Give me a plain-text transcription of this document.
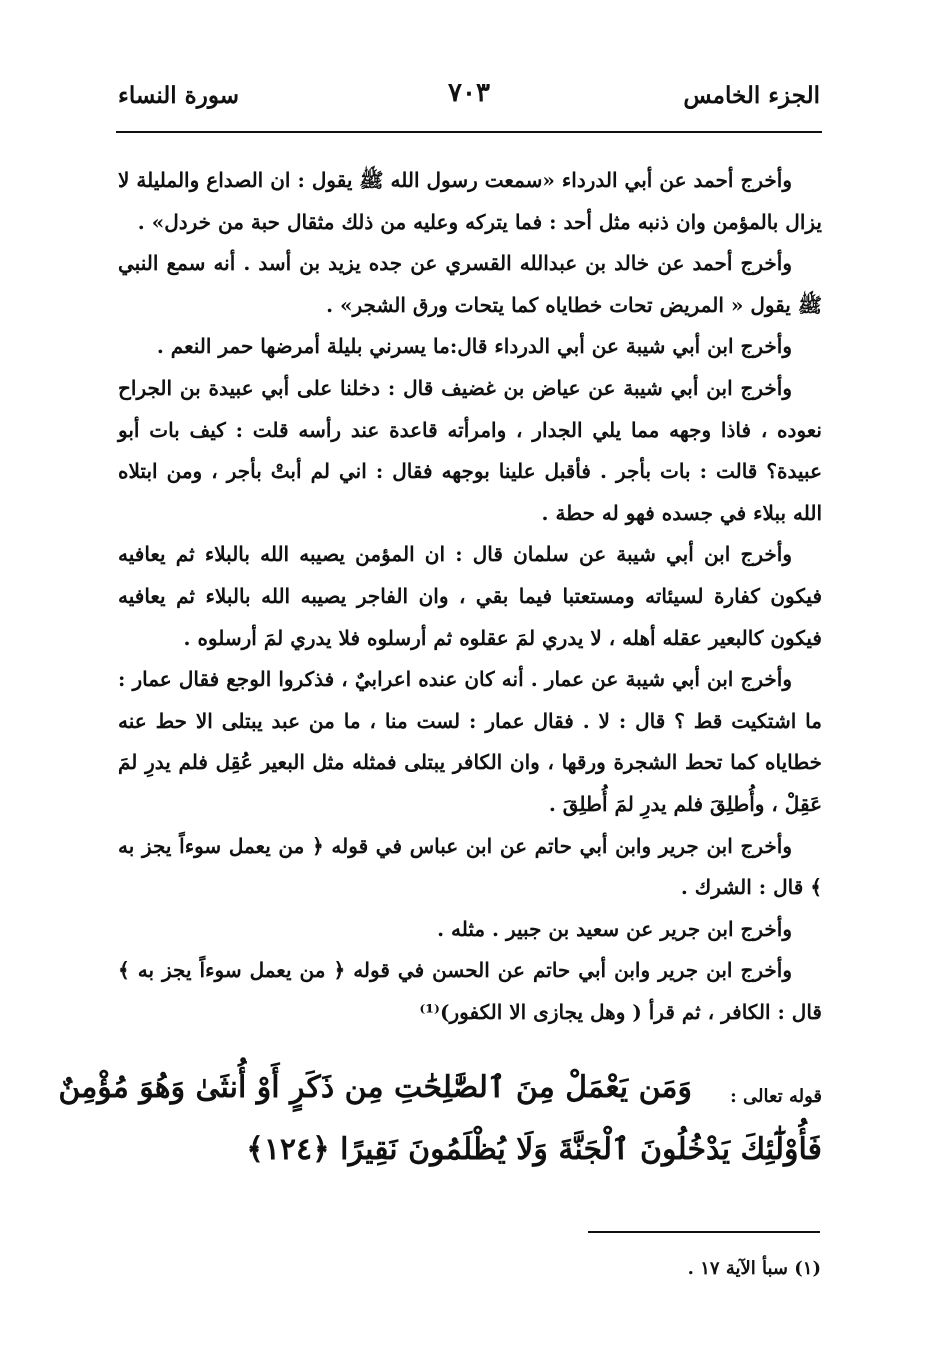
الجزء الخامس
٧٠٣
سورة النساء

وأخرج أحمد عن أبي الدرداء «سمعت رسول الله ﷺ يقول : ان الصداع والمليلة لا يزال بالمؤمن وان ذنبه مثل أحد : فما يتركه وعليه من ذلك مثقال حبة من خردل» .

وأخرج أحمد عن خالد بن عبدالله القسري عن جده يزيد بن أسد . أنه سمع النبي ﷺ يقول « المريض تحات خطاياه كما يتحات ورق الشجر» .

وأخرج ابن أبي شيبة عن أبي الدرداء قال:ما يسرني بليلة أمرضها حمر النعم .

وأخرج ابن أبي شيبة عن عياض بن غضيف قال : دخلنا على أبي عبيدة بن الجراح نعوده ، فاذا وجهه مما يلي الجدار ، وامرأته قاعدة عند رأسه قلت : كيف بات أبو عبيدة؟ قالت : بات بأجر . فأقبل علينا بوجهه فقال : اني لم أبتْ بأجر ، ومن ابتلاه الله ببلاء في جسده فهو له حطة .

وأخرج ابن أبي شيبة عن سلمان قال : ان المؤمن يصيبه الله بالبلاء ثم يعافيه فيكون كفارة لسيئاته ومستعتبا فيما بقي ، وان الفاجر يصيبه الله بالبلاء ثم يعافيه فيكون كالبعير عقله أهله ، لا يدري لمَ عقلوه ثم أرسلوه فلا يدري لمَ أرسلوه .

وأخرج ابن أبي شيبة عن عمار . أنه كان عنده اعرابيٌ ، فذكروا الوجع فقال عمار : ما اشتكيت قط ؟ قال : لا . فقال عمار : لست منا ، ما من عبد يبتلى الا حط عنه خطاياه كما تحط الشجرة ورقها ، وان الكافر يبتلى فمثله مثل البعير عُقِل فلم يدرِ لمَ عَقِلْ ، وأُطلِقَ فلم يدرِ لمَ أُطلِقَ .

وأخرج ابن جرير وابن أبي حاتم عن ابن عباس في قوله ﴿ من يعمل سوءاً يجز به ﴾ قال : الشرك .

وأخرج ابن جرير عن سعيد بن جبير . مثله .

وأخرج ابن جرير وابن أبي حاتم عن الحسن في قوله ﴿ من يعمل سوءاً يجز به ﴾ قال : الكافر ، ثم قرأ ( وهل يجازى الا الكفور)⁽¹⁾

قوله تعالى :
وَمَن يَعْمَلْ مِنَ ٱلصَّٰلِحَٰتِ مِن ذَكَرٍ أَوْ أُنثَىٰ وَهُوَ مُؤْمِنٌ
فَأُوْلَٰٓئِكَ يَدْخُلُونَ ٱلْجَنَّةَ وَلَا يُظْلَمُونَ نَقِيرًا ﴿١٢٤﴾
(١) سبأ الآية ١٧ .
